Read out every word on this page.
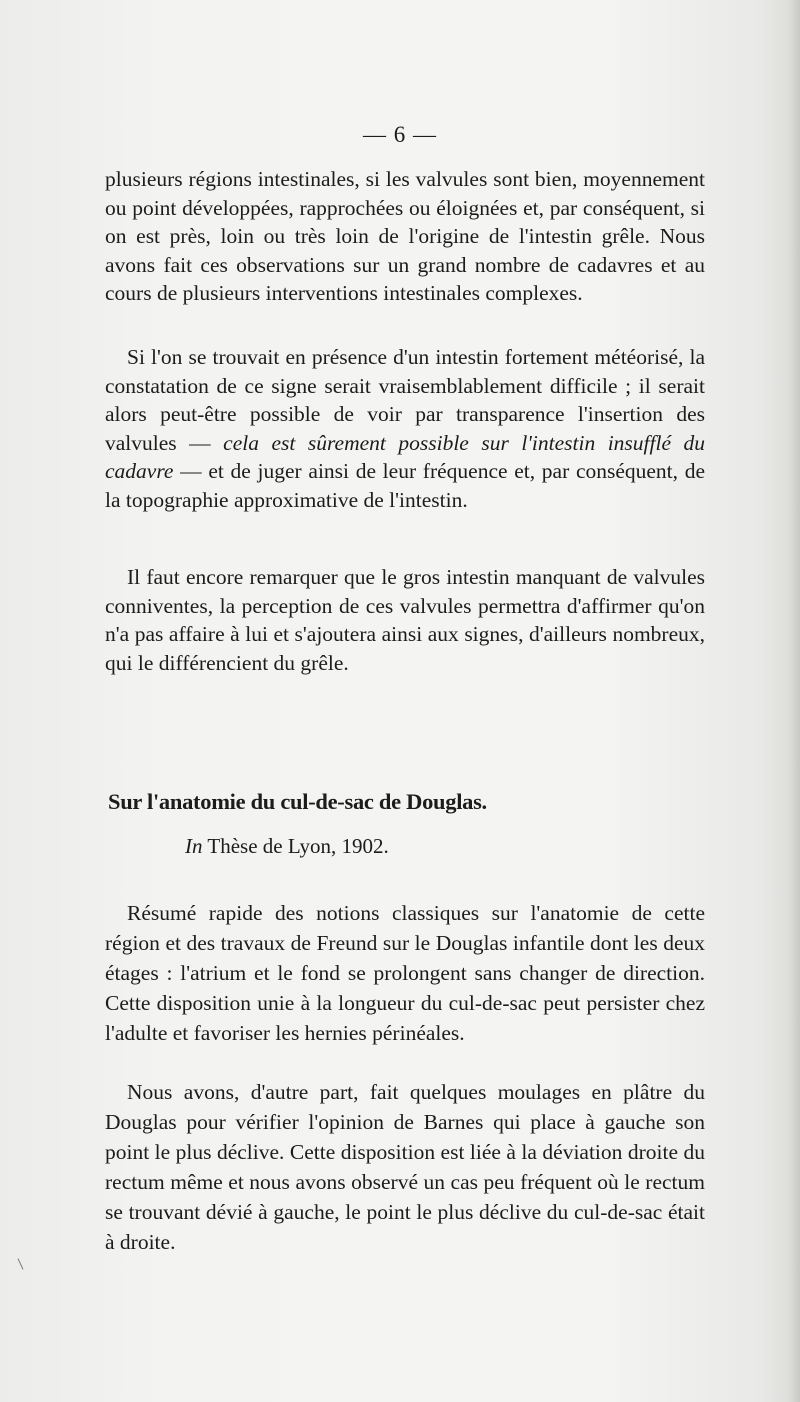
— 6 —

plusieurs régions intestinales, si les valvules sont bien, moyennement ou point développées, rapprochées ou éloignées et, par conséquent, si on est près, loin ou très loin de l'origine de l'intestin grêle. Nous avons fait ces observations sur un grand nombre de cadavres et au cours de plusieurs interventions intestinales complexes.

Si l'on se trouvait en présence d'un intestin fortement météorisé, la constatation de ce signe serait vraisemblablement difficile ; il serait alors peut-être possible de voir par transparence l'insertion des valvules — cela est sûrement possible sur l'intestin insufflé du cadavre — et de juger ainsi de leur fréquence et, par conséquent, de la topographie approximative de l'intestin.

Il faut encore remarquer que le gros intestin manquant de valvules conniventes, la perception de ces valvules permettra d'affirmer qu'on n'a pas affaire à lui et s'ajoutera ainsi aux signes, d'ailleurs nombreux, qui le différencient du grêle.

Sur l'anatomie du cul-de-sac de Douglas.
In Thèse de Lyon, 1902.

Résumé rapide des notions classiques sur l'anatomie de cette région et des travaux de Freund sur le Douglas infantile dont les deux étages : l'atrium et le fond se prolongent sans changer de direction. Cette disposition unie à la longueur du cul-de-sac peut persister chez l'adulte et favoriser les hernies périnéales.

Nous avons, d'autre part, fait quelques moulages en plâtre du Douglas pour vérifier l'opinion de Barnes qui place à gauche son point le plus déclive. Cette disposition est liée à la déviation droite du rectum même et nous avons observé un cas peu fréquent où le rectum se trouvant dévié à gauche, le point le plus déclive du cul-de-sac était à droite.
